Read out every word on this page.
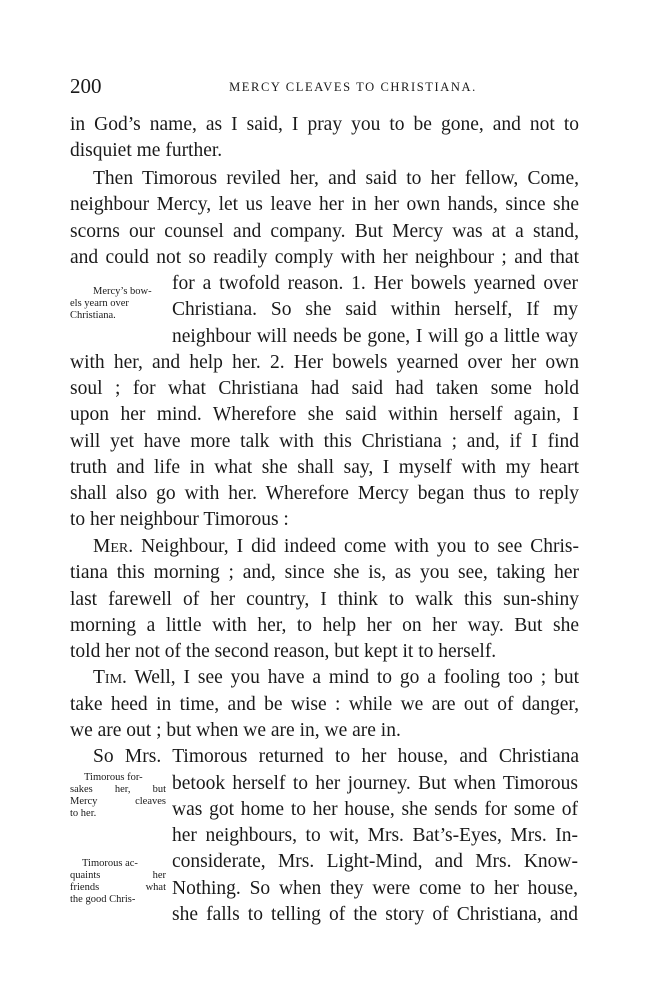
200	MERCY CLEAVES TO CHRISTIANA.
in God’s name, as I said, I pray you to be gone, and not to
disquiet me further.
Then Timorous reviled her, and said to her fellow, Come,
neighbour Mercy, let us leave her in her own hands, since she
scorns our counsel and company. But Mercy was at a stand,
and could not so readily comply with her neighbour ; and that
for a twofold reason. 1. Her bowels yearned over
Christiana. So she said within herself, If my
neighbour will needs be gone, I will go a little way
with her, and help her. 2. Her bowels yearned over her own
soul ; for what Christiana had said had taken some hold
upon her mind. Wherefore she said within herself again, I
will yet have more talk with this Christiana ; and, if I find
truth and life in what she shall say, I myself with my heart
shall also go with her. Wherefore Mercy began thus to reply
to her neighbour Timorous :
Mer. Neighbour, I did indeed come with you to see Chris-
tiana this morning ; and, since she is, as you see, taking her
last farewell of her country, I think to walk this sun-shiny
morning a little with her, to help her on her way. But she
told her not of the second reason, but kept it to herself.
Tim. Well, I see you have a mind to go a fooling too ; but
take heed in time, and be wise : while we are out of danger,
we are out ; but when we are in, we are in.
So Mrs. Timorous returned to her house, and Christiana
betook herself to her journey. But when Timorous
was got home to her house, she sends for some of
her neighbours, to wit, Mrs. Bat’s-Eyes, Mrs. In-
considerate, Mrs. Light-Mind, and Mrs. Know-
Nothing. So when they were come to her house,
she falls to telling of the story of Christiana, and
Mercy’s bow-
els yearn over
Christiana.
Timorous for-
sakes her, but
Mercy cleaves
to her.
Timorous ac-
quaints her
friends what
the good Chris-
